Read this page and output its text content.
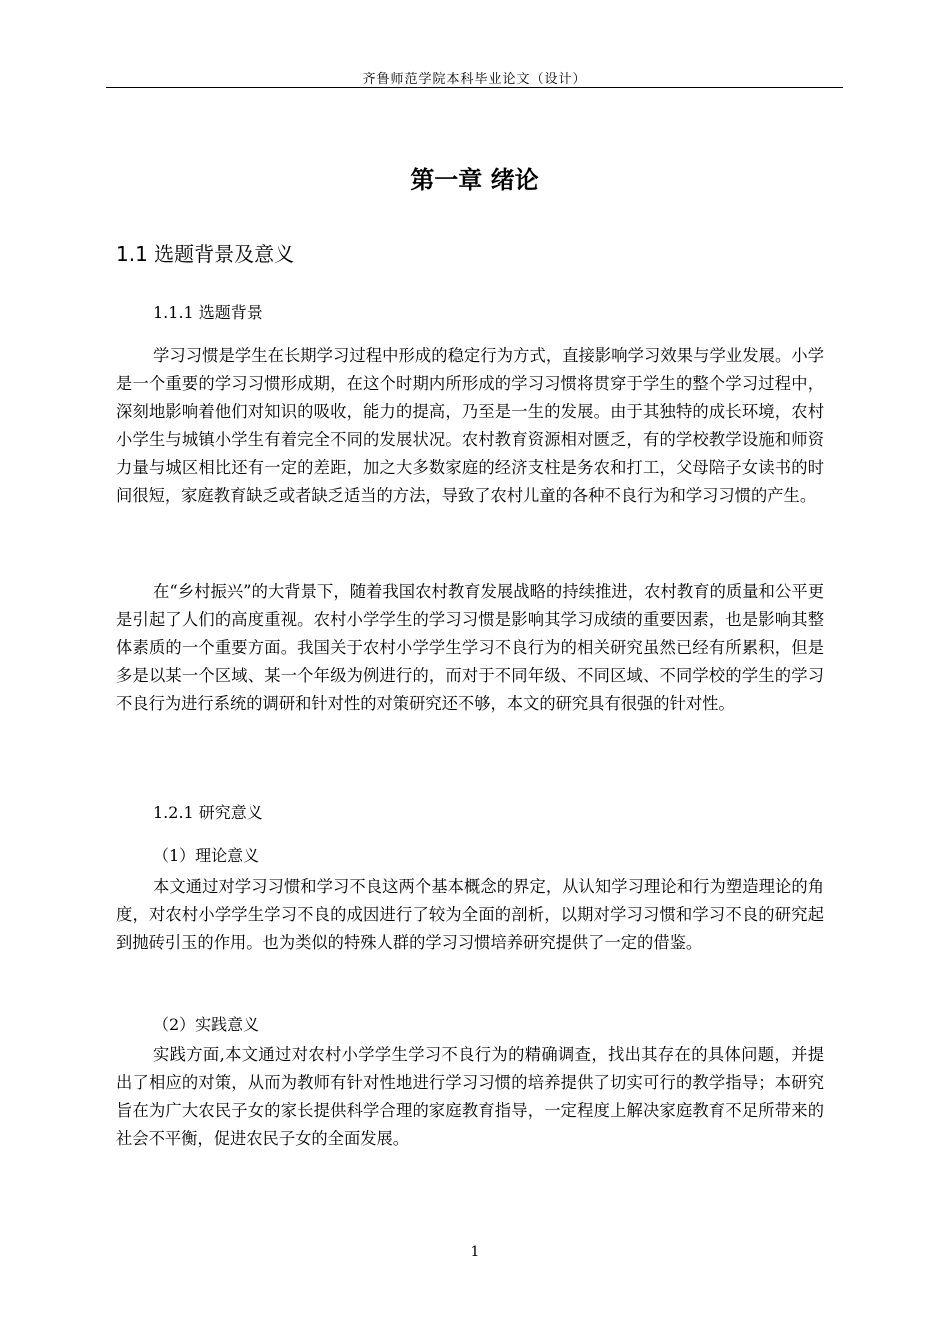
齐鲁师范学院本科毕业论文（设计）
第一章 绪论
1.1 选题背景及意义
1.1.1 选题背景

学习习惯是学生在长期学习过程中形成的稳定行为方式，直接影响学习效果与学业发展。小学是一个重要的学习习惯形成期，在这个时期内所形成的学习习惯将贯穿于学生的整个学习过程中，深刻地影响着他们对知识的吸收，能力的提高，乃至是一生的发展。由于其独特的成长环境，农村小学生与城镇小学生有着完全不同的发展状况。农村教育资源相对匮乏，有的学校教学设施和师资力量与城区相比还有一定的差距，加之大多数家庭的经济支柱是务农和打工，父母陪子女读书的时间很短，家庭教育缺乏或者缺乏适当的方法，导致了农村儿童的各种不良行为和学习习惯的产生。

在“乡村振兴”的大背景下，随着我国农村教育发展战略的持续推进，农村教育的质量和公平更是引起了人们的高度重视。农村小学学生的学习习惯是影响其学习成绩的重要因素，也是影响其整体素质的一个重要方面。我国关于农村小学学生学习不良行为的相关研究虽然已经有所累积，但是多是以某一个区域、某一个年级为例进行的，而对于不同年级、不同区域、不同学校的学生的学习不良行为进行系统的调研和针对性的对策研究还不够，本文的研究具有很强的针对性。

1.2.1 研究意义
（1）理论意义

本文通过对学习习惯和学习不良这两个基本概念的界定，从认知学习理论和行为塑造理论的角度，对农村小学学生学习不良的成因进行了较为全面的剖析，以期对学习习惯和学习不良的研究起到抛砖引玉的作用。也为类似的特殊人群的学习习惯培养研究提供了一定的借鉴。

（2）实践意义

实践方面,本文通过对农村小学学生学习不良行为的精确调查，找出其存在的具体问题，并提出了相应的对策，从而为教师有针对性地进行学习习惯的培养提供了切实可行的教学指导；本研究旨在为广大农民子女的家长提供科学合理的家庭教育指导，一定程度上解决家庭教育不足所带来的社会不平衡，促进农民子女的全面发展。

1
